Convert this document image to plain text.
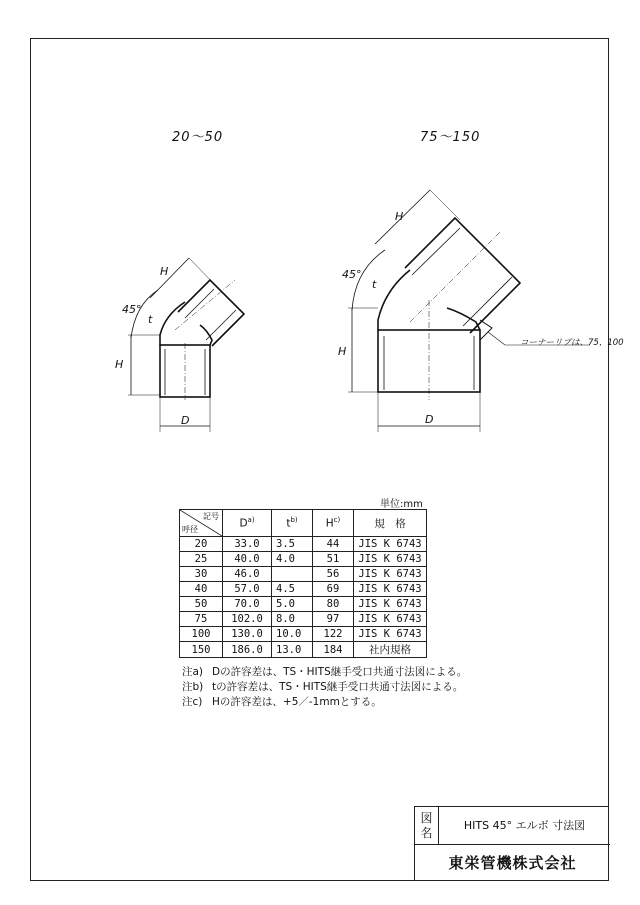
20～50	75～150
H
H
45°
t
D
H
H
45°
t
D
コーナーリブは、75，100
単位:mm
記号
呼径	$D^{a)}$	$t^{b)}$	$H^{c)}$	規　格
20	33.0	3.5	44	JIS K 6743
25	40.0	4.0	51	JIS K 6743
30	46.0		56	JIS K 6743
40	57.0	4.5	69	JIS K 6743
50	70.0	5.0	80	JIS K 6743
75	102.0	8.0	97	JIS K 6743
100	130.0	10.0	122	JIS K 6743
150	186.0	13.0	184	社内規格
注a) Dの許容差は、TS・HITS継手受口共通寸法図による。
注b) tの許容差は、TS・HITS継手受口共通寸法図による。
注c) Hの許容差は、+5／-1mmとする。
図名
HITS 45° エルボ 寸法図
東栄管機株式会社
